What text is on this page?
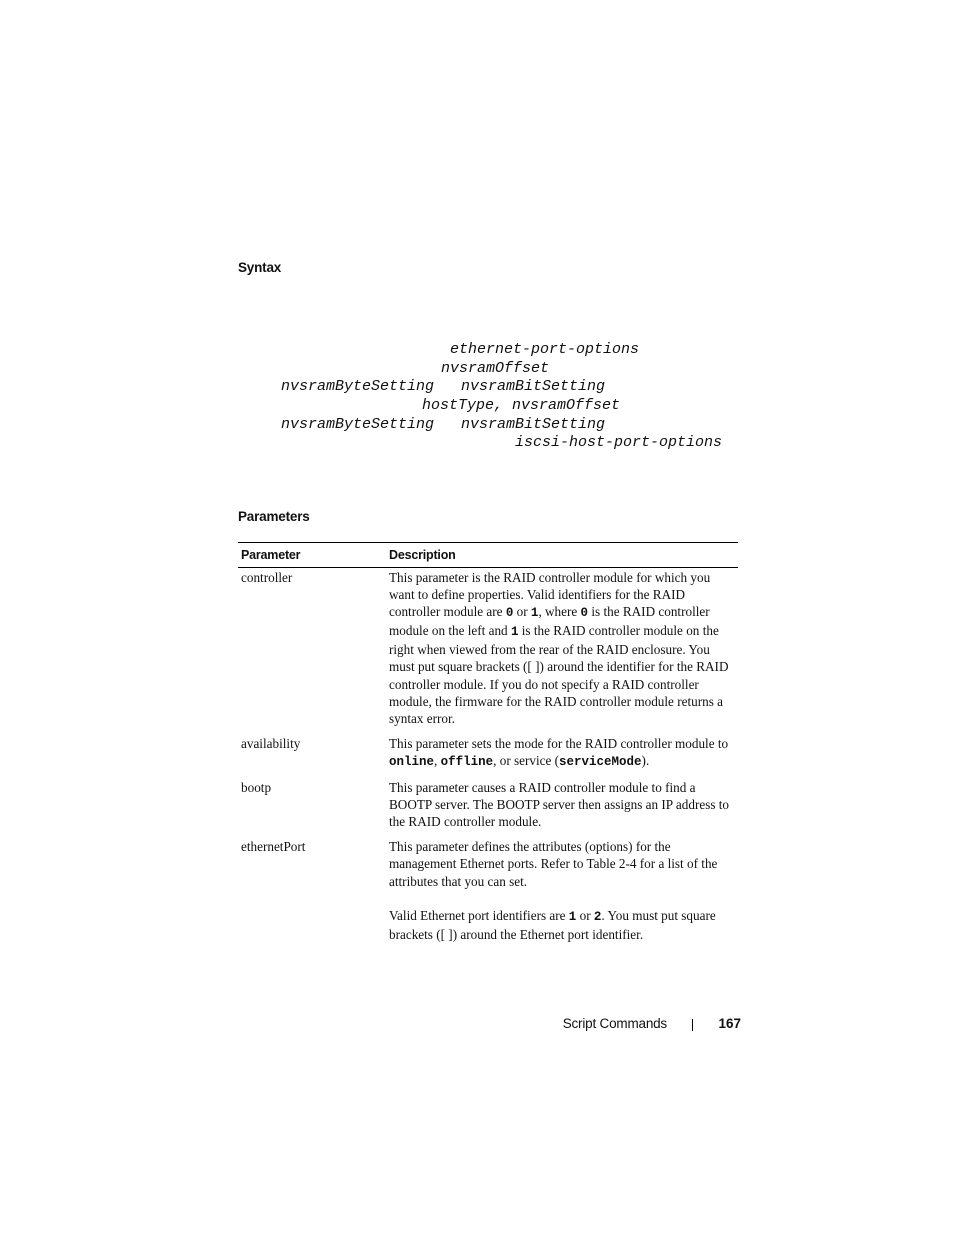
Syntax
ethernet-port-options
nvsramOffset
nvsramByteSetting   nvsramBitSetting
hostType, nvsramOffset
nvsramByteSetting   nvsramBitSetting
iscsi-host-port-options
Parameters
Parameter	Description
controller	This parameter is the RAID controller module for which you want to define properties. Valid identifiers for the RAID controller module are 0 or 1, where 0 is the RAID controller module on the left and 1 is the RAID controller module on the right when viewed from the rear of the RAID enclosure. You must put square brackets ([ ]) around the identifier for the RAID controller module. If you do not specify a RAID controller module, the firmware for the RAID controller module returns a syntax error.

availability	This parameter sets the mode for the RAID controller module to online, offline, or service (serviceMode).

bootp	This parameter causes a RAID controller module to find a BOOTP server. The BOOTP server then assigns an IP address to the RAID controller module.

ethernetPort	This parameter defines the attributes (options) for the management Ethernet ports. Refer to Table 2-4 for a list of the attributes that you can set.

Valid Ethernet port identifiers are 1 or 2. You must put square brackets ([ ]) around the Ethernet port identifier.

Script Commands	167
